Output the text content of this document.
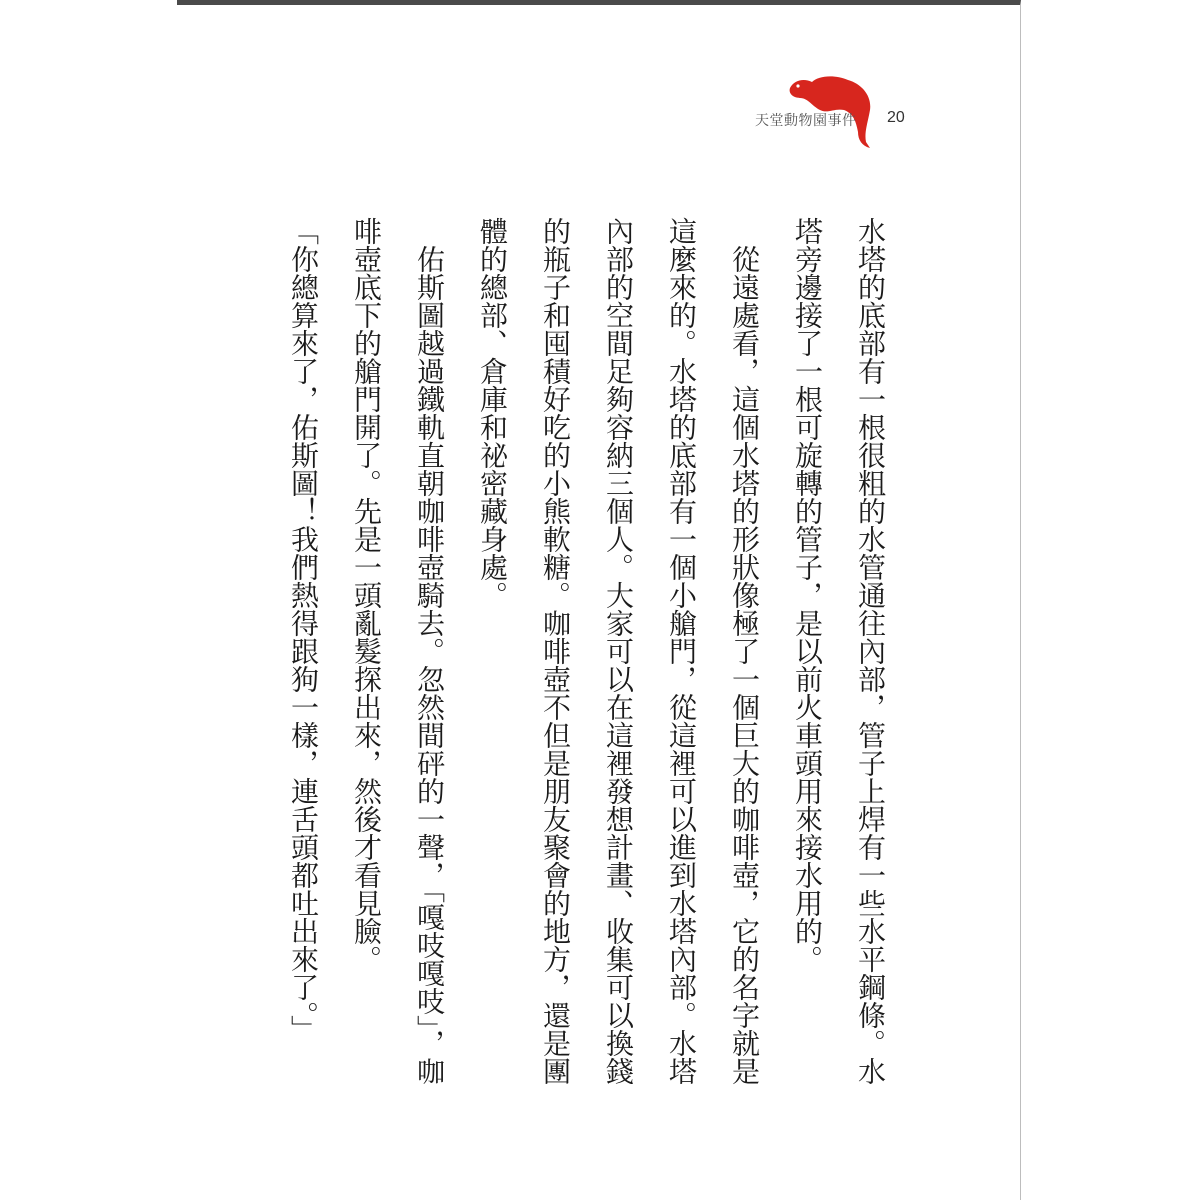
天堂動物園事件 20

水塔的底部有一根很粗的水管通往內部，管子上焊有一些水平鋼條。水塔旁邊接了一根可旋轉的管子，是以前火車頭用來接水用的。

從遠處看，這個水塔的形狀像極了一個巨大的咖啡壺，它的名字就是這麼來的。水塔的底部有一個小艙門，從這裡可以進到水塔內部。水塔內部的空間足夠容納三個人。大家可以在這裡發想計畫、收集可以換錢的瓶子和囤積好吃的小熊軟糖。咖啡壺不但是朋友聚會的地方，還是團體的總部、倉庫和祕密藏身處。

佑斯圖越過鐵軌直朝咖啡壺騎去。忽然間砰的一聲，「嘎吱嘎吱」，咖啡壺底下的艙門開了。先是一頭亂髮探出來，然後才看見臉。

「你總算來了，佑斯圖！我們熱得跟狗一樣，連舌頭都吐出來了。」
